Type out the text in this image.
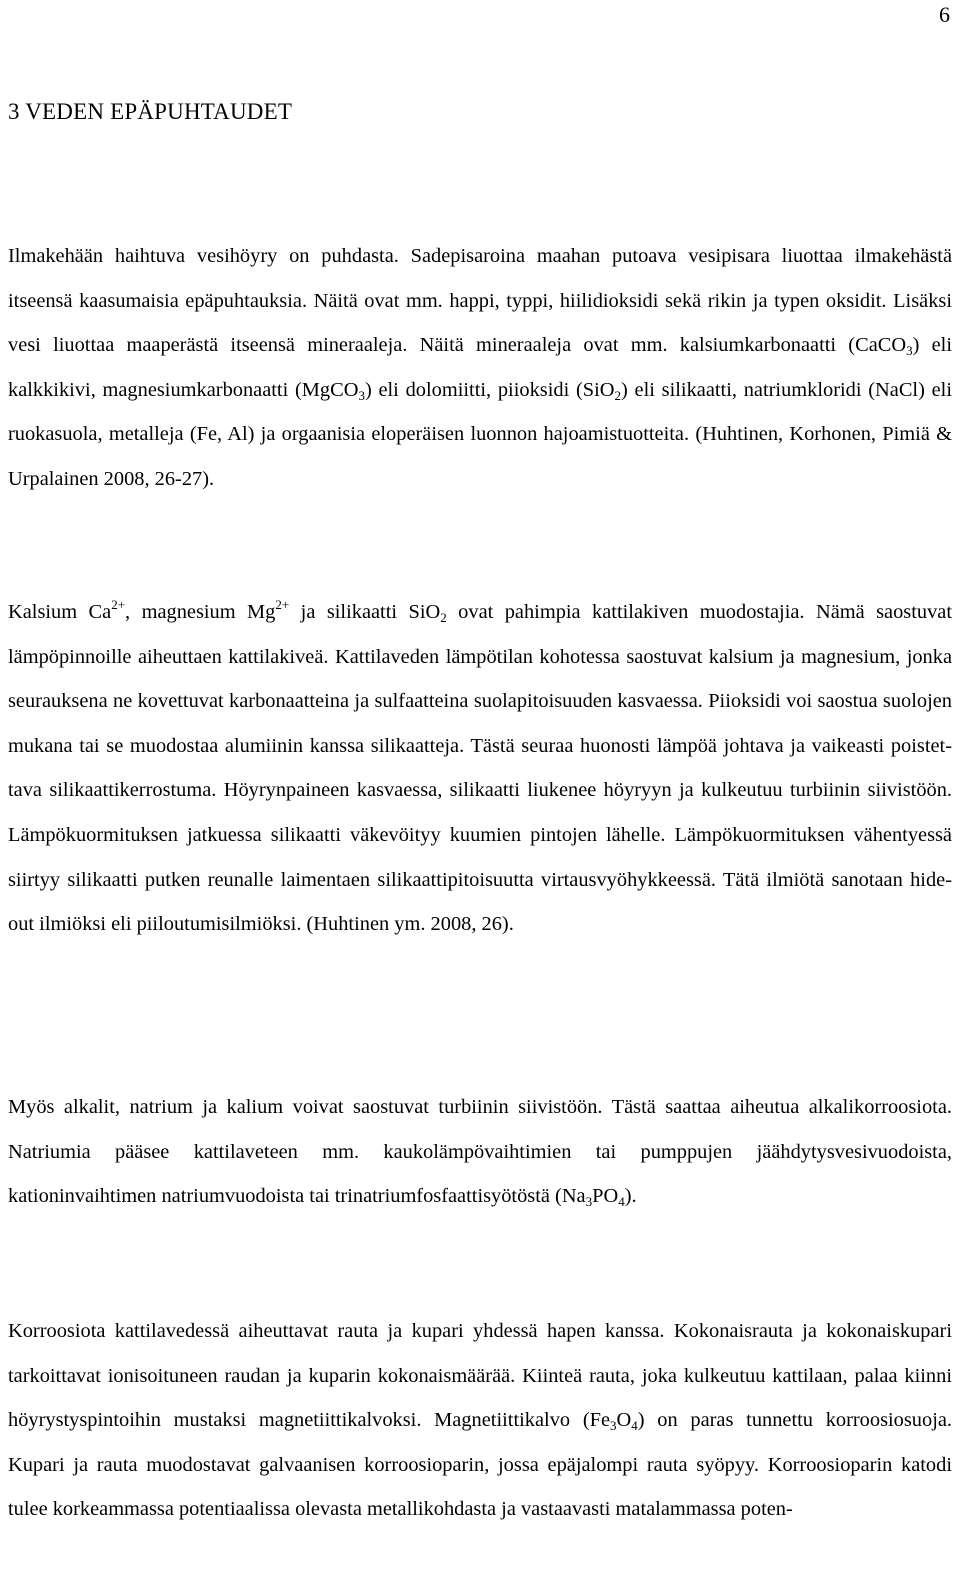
6
3 VEDEN EPÄPUHTAUDET

Ilmakehään haihtuva vesihöyry on puhdasta. Sadepisaroina maahan putoava vesipisara liuottaa ilmakehästä itseensä kaasumaisia epäpuhtauksia. Näitä ovat mm. happi, typpi, hiilidioksidi sekä rikin ja typen oksidit. Lisäksi vesi liuottaa maaperästä itseensä mineraaleja. Näitä mineraaleja ovat mm. kalsiumkarbonaatti (CaCO$_3$) eli kalkkikivi, magnesiumkarbonaatti (MgCO$_3$) eli dolomiitti, piioksidi (SiO$_2$) eli silikaatti, natriumkloridi (NaCl) eli ruokasuola, metalleja (Fe, Al) ja orgaanisia eloperäisen luonnon hajoamistuotteita. (Huhtinen, Korhonen, Pimiä & Urpalainen 2008, 26-27).

Kalsium $Ca^{2+}$, magnesium $Mg^{2+}$ ja silikaatti SiO$_2$ ovat pahimpia kattilakiven muodostajia. Nämä saostuvat lämpöpinnoille aiheuttaen kattilakiveä. Kattilaveden lämpötilan kohotessa saostuvat kalsium ja magnesium, jonka seurauksena ne kovettuvat karbonaatteina ja sulfaatteina suolapitoisuuden kasvaessa. Piioksidi voi saostua suolojen mukana tai se muodostaa alumiinin kanssa silikaatteja. Tästä seuraa huonosti lämpöä johtava ja vaikeasti poistettava silikaattikerrostuma. Höyrynpaineen kasvaessa, silikaatti liukenee höyryyn ja kulkeutuu turbiinin siivistöön. Lämpökuormituksen jatkuessa silikaatti väkevöityy kuumien pintojen lähelle. Lämpökuormituksen vähentyessä siirtyy silikaatti putken reunalle laimentaen silikaattipitoisuutta virtausvyöhykkeessä. Tätä ilmiötä sanotaan hide-out ilmiöksi eli piiloutumisilmiöksi. (Huhtinen ym. 2008, 26).

Myös alkalit, natrium ja kalium voivat saostuvat turbiinin siivistöön. Tästä saattaa aiheutua alkalikorroosiota. Natriumia pääsee kattilaveteen mm. kaukolämpövaihtimien tai pumppujen jäähdytysvesivuodoista, kationinvaihtimen natriumvuodoista tai trinatriumfosfaattisyötöstä $(Na_3PO_4)$.

Korroosiota kattilavedessä aiheuttavat rauta ja kupari yhdessä hapen kanssa. Kokonaisrauta ja kokonaiskupari tarkoittavat ionisoituneen raudan ja kuparin kokonaismäärää. Kiinteä rauta, joka kulkeutuu kattilaan, palaa kiinni höyrystyspintoihin mustaksi magnetiittikalvoksi. Magnetiittikalvo $(Fe_3O_4)$ on paras tunnettu korroosiosuoja. Kupari ja rauta muodostavat galvaanisen korroosioparin, jossa epäjalompi rauta syöpyy. Korroosioparin katodi tulee korkeammassa potentiaalissa olevasta metallikohdasta ja vastaavasti matalammassa poten-
